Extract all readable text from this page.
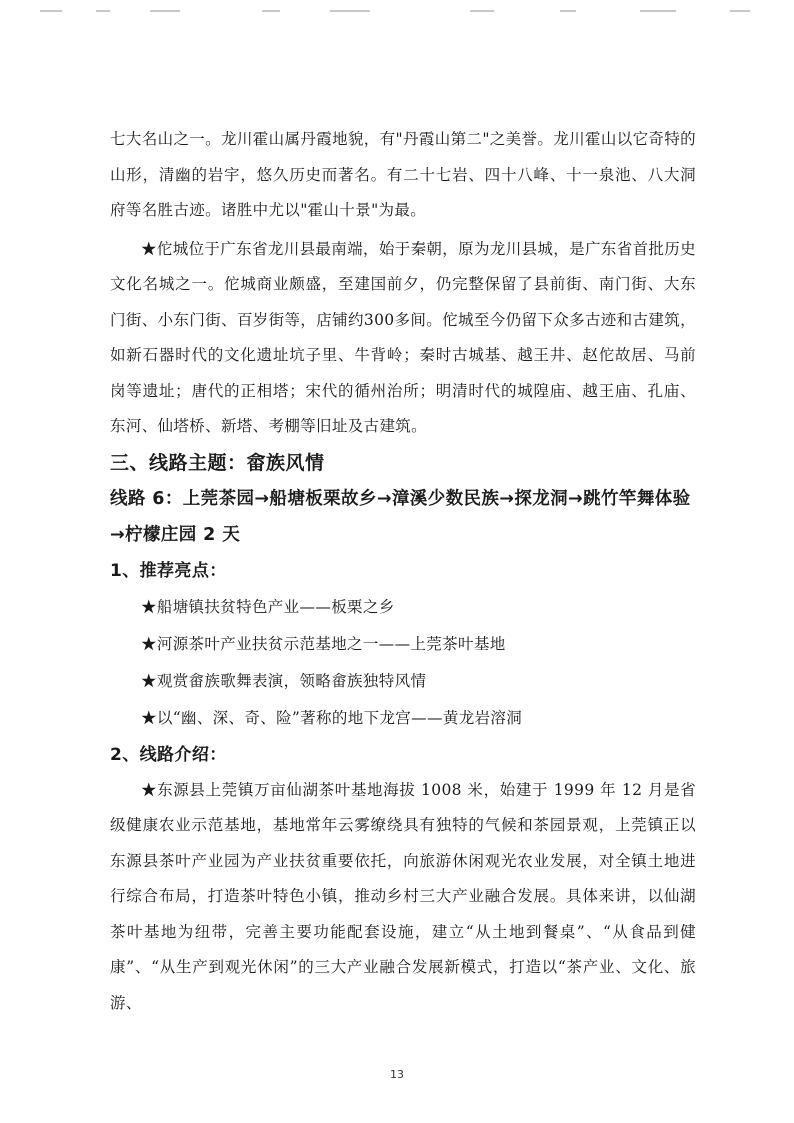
七大名山之一。龙川霍山属丹霞地貌，有"丹霞山第二"之美誉。龙川霍山以它奇特的山形，清幽的岩宇，悠久历史而著名。有二十七岩、四十八峰、十一泉池、八大洞府等名胜古迹。诸胜中尤以"霍山十景"为最。

★佗城位于广东省龙川县最南端，始于秦朝，原为龙川县城，是广东省首批历史文化名城之一。佗城商业颇盛，至建国前夕，仍完整保留了县前街、南门街、大东门街、小东门街、百岁街等，店铺约300多间。佗城至今仍留下众多古迹和古建筑，如新石器时代的文化遗址坑子里、牛背岭；秦时古城基、越王井、赵佗故居、马前岗等遗址；唐代的正相塔；宋代的循州治所；明清时代的城隍庙、越王庙、孔庙、东河、仙塔桥、新塔、考棚等旧址及古建筑。

三、线路主题：畲族风情
线路 6：上莞茶园→船塘板栗故乡→漳溪少数民族→探龙洞→跳竹竿舞体验→柠檬庄园 2 天
1、推荐亮点：
★船塘镇扶贫特色产业——板栗之乡
★河源茶叶产业扶贫示范基地之一——上莞茶叶基地
★观赏畲族歌舞表演，领略畲族独特风情
★以“幽、深、奇、险”著称的地下龙宫——黄龙岩溶洞
2、线路介绍：

★东源县上莞镇万亩仙湖茶叶基地海拔 1008 米，始建于 1999 年 12 月是省级健康农业示范基地，基地常年云雾缭绕具有独特的气候和茶园景观，上莞镇正以东源县茶叶产业园为产业扶贫重要依托，向旅游休闲观光农业发展，对全镇土地进行综合布局，打造茶叶特色小镇，推动乡村三大产业融合发展。具体来讲，以仙湖茶叶基地为纽带，完善主要功能配套设施，建立“从土地到餐桌”、“从食品到健康”、“从生产到观光休闲”的三大产业融合发展新模式，打造以“茶产业、文化、旅游、

13
